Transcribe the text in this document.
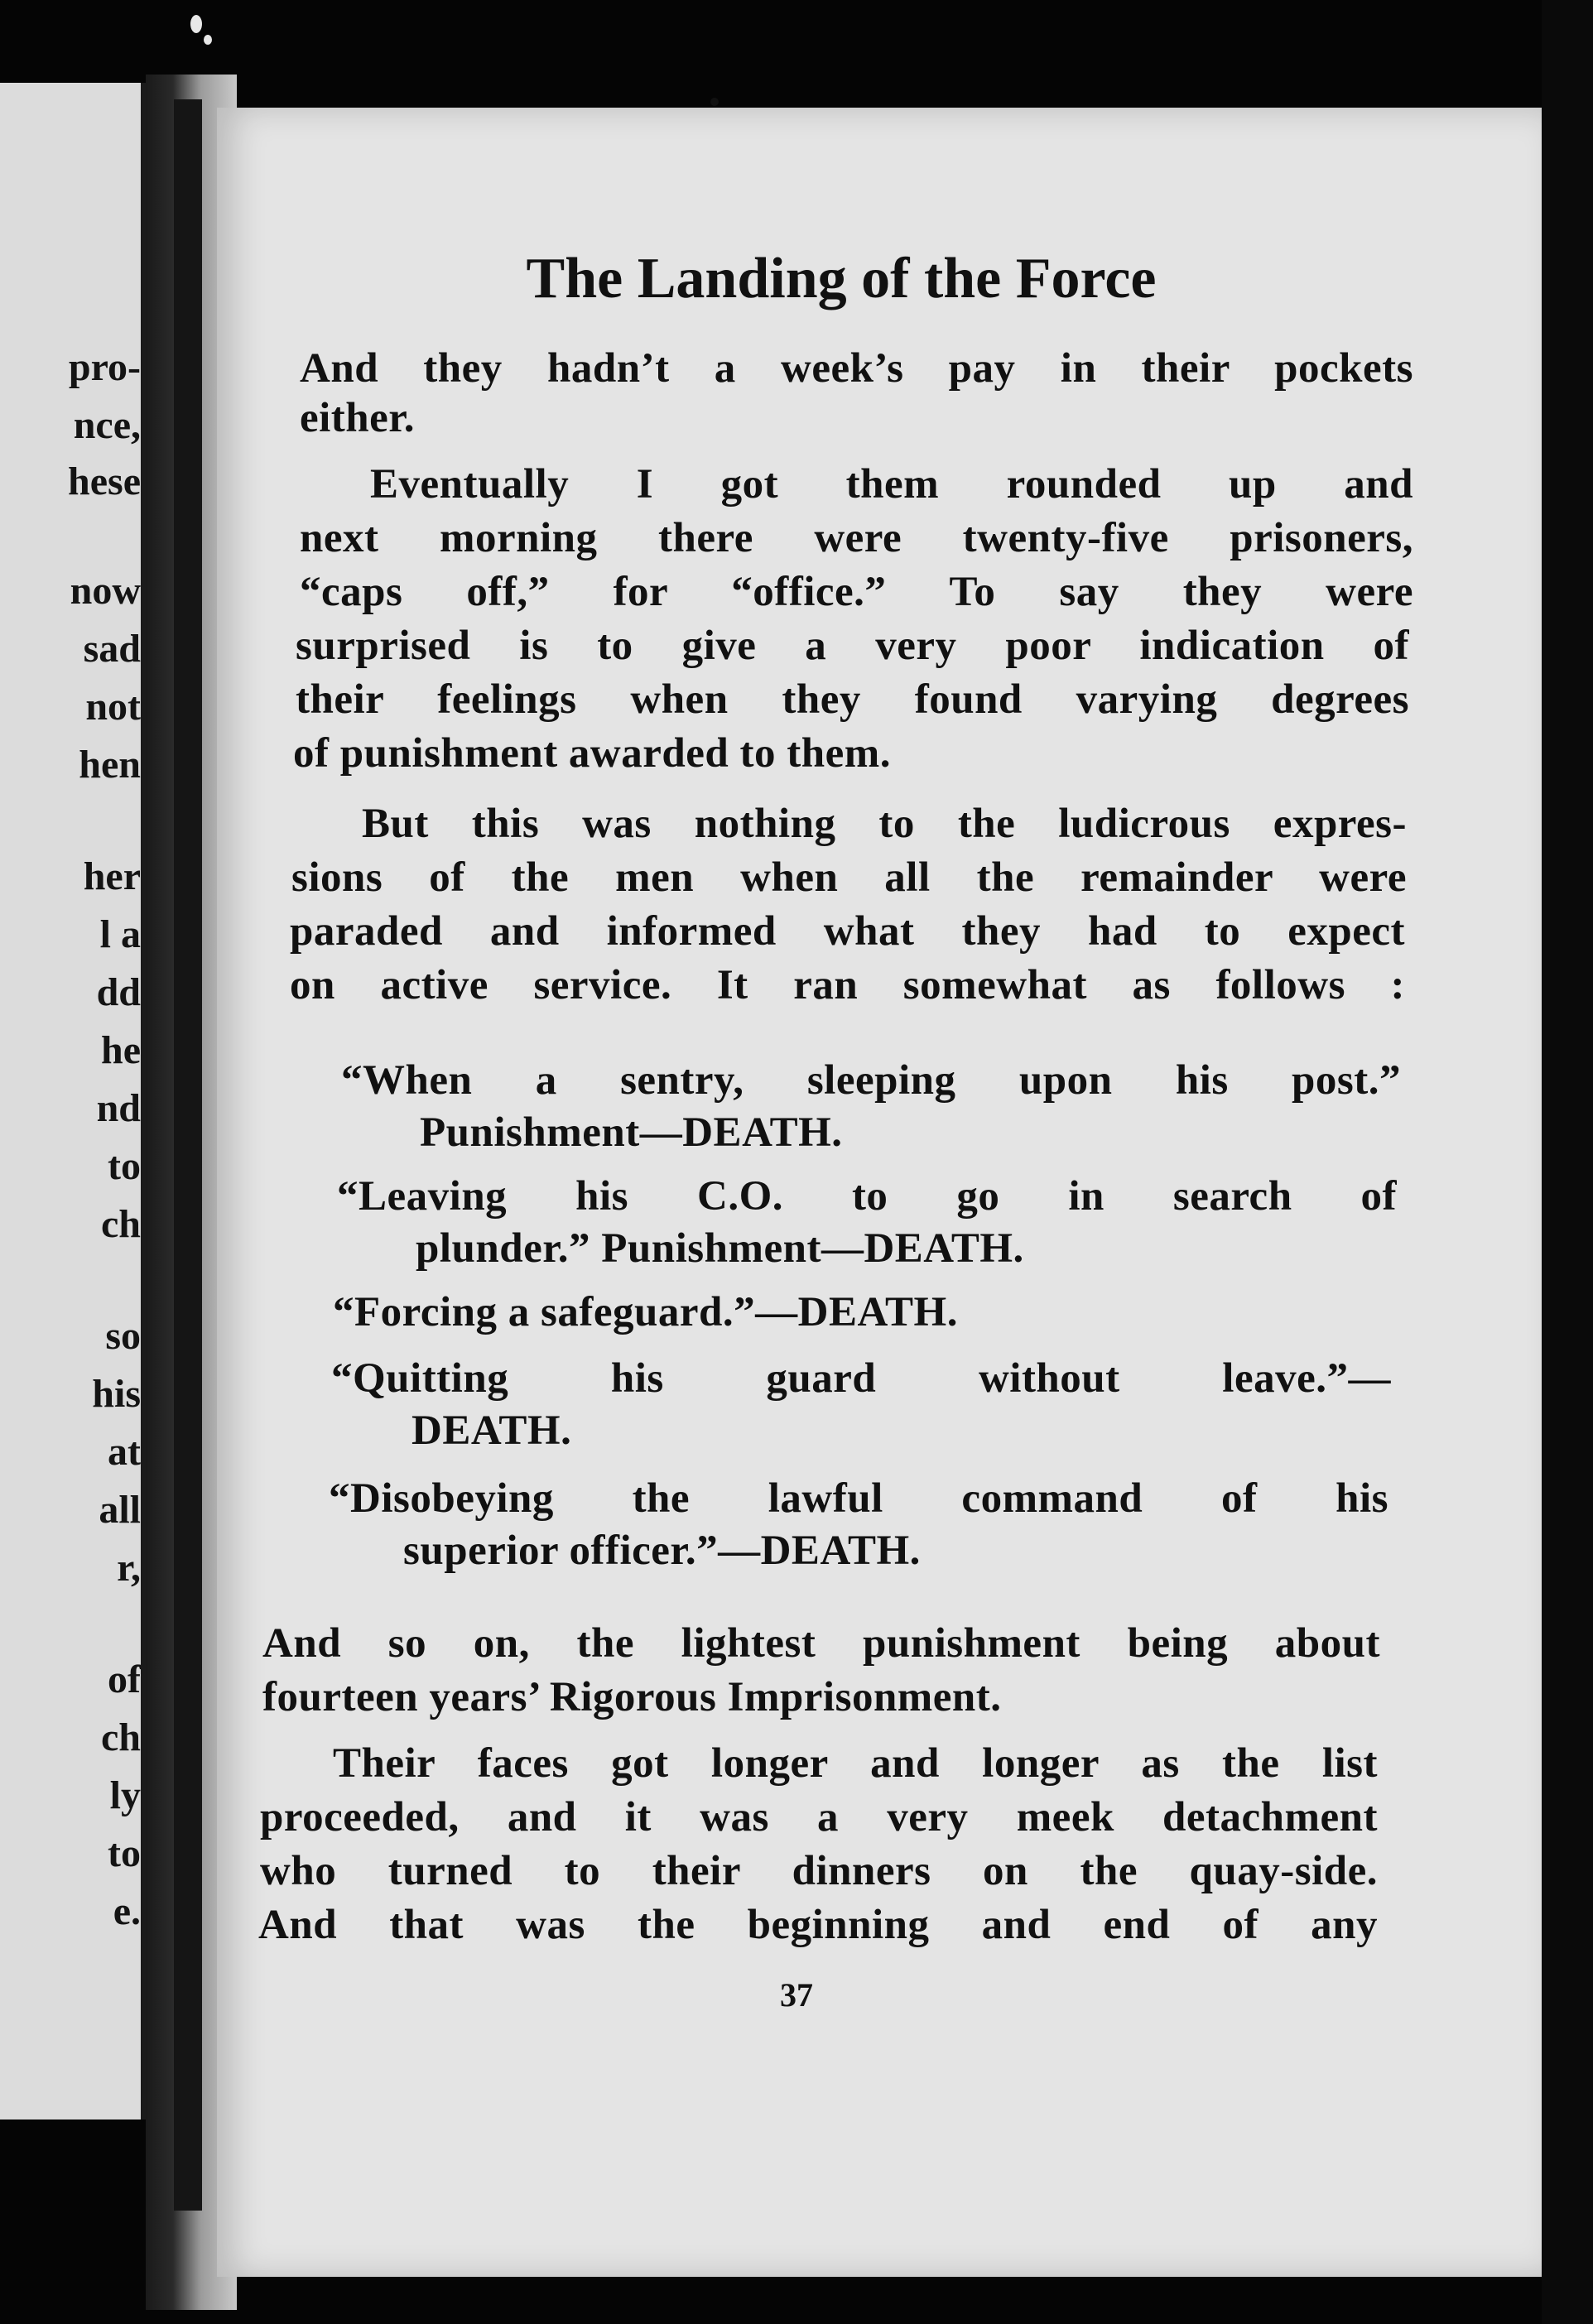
pro-
nce,
hese
now
sad
not
hen
her
l a
dd
he
nd
to
ch
so
his
at
all
r,
of
ch
ly
to
e.
The Landing of the Force
And they hadn’t a week’s pay in their pockets
either.
Eventually I got them rounded up and
next morning there were twenty-five prisoners,
“caps off,” for “office.” To say they were
surprised is to give a very poor indication of
their feelings when they found varying degrees
of punishment awarded to them.
But this was nothing to the ludicrous expres-
sions of the men when all the remainder were
paraded and informed what they had to expect
on active service. It ran somewhat as follows :
“When a sentry, sleeping upon his post.”
Punishment—DEATH.
“Leaving his C.O. to go in search of
plunder.” Punishment—DEATH.
“Forcing a safeguard.”—DEATH.
“Quitting his guard without leave.”—
DEATH.
“Disobeying the lawful command of his
superior officer.”—DEATH.
And so on, the lightest punishment being about
fourteen years’ Rigorous Imprisonment.
Their faces got longer and longer as the list
proceeded, and it was a very meek detachment
who turned to their dinners on the quay-side.
And that was the beginning and end of any
37
